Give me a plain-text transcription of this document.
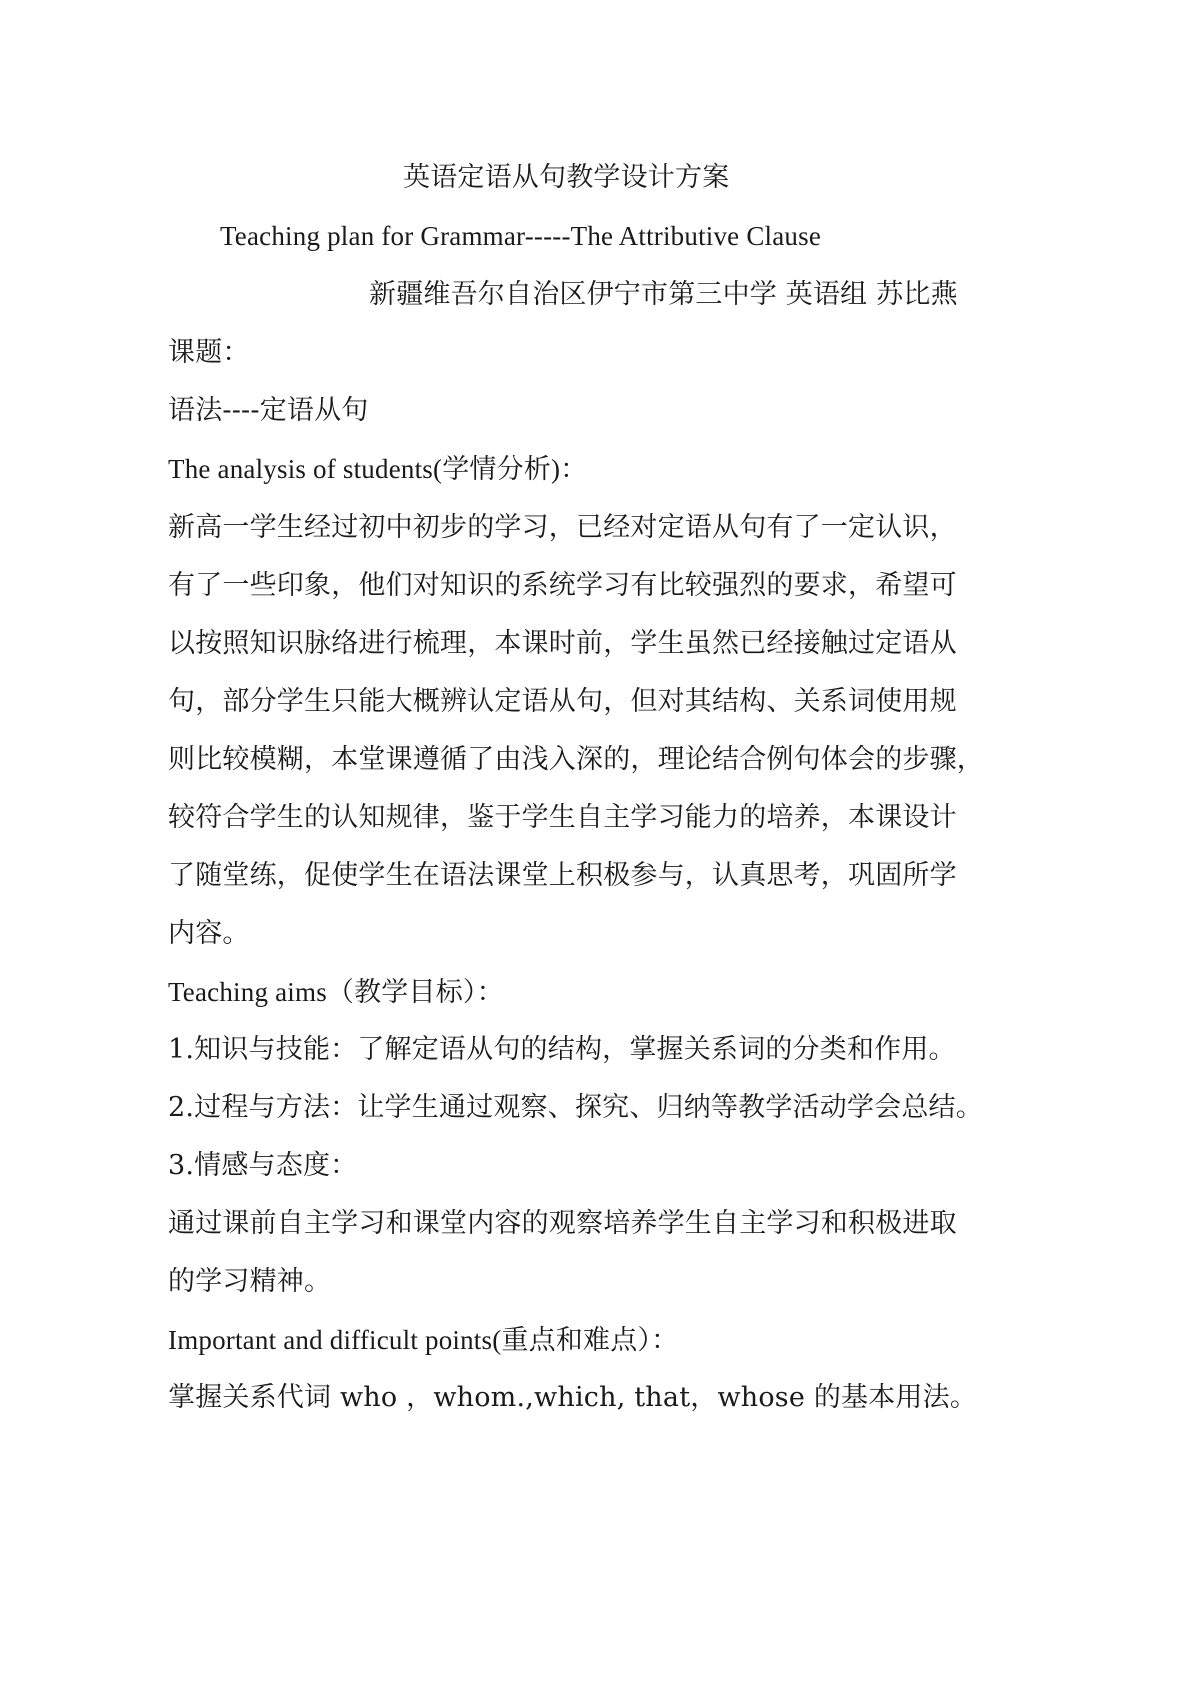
英语定语从句教学设计方案
Teaching plan for Grammar-----The Attributive Clause
新疆维吾尔自治区伊宁市第三中学 英语组 苏比燕
课题：
语法----定语从句
The analysis of students(学情分析)：
新高一学生经过初中初步的学习，已经对定语从句有了一定认识，
有了一些印象，他们对知识的系统学习有比较强烈的要求，希望可
以按照知识脉络进行梳理，本课时前，学生虽然已经接触过定语从
句，部分学生只能大概辨认定语从句，但对其结构、关系词使用规
则比较模糊，本堂课遵循了由浅入深的，理论结合例句体会的步骤，
较符合学生的认知规律，鉴于学生自主学习能力的培养，本课设计
了随堂练，促使学生在语法课堂上积极参与，认真思考，巩固所学
内容。
Teaching aims（教学目标）：
1.知识与技能：了解定语从句的结构，掌握关系词的分类和作用。
2.过程与方法：让学生通过观察、探究、归纳等教学活动学会总结。
3.情感与态度：
通过课前自主学习和课堂内容的观察培养学生自主学习和积极进取
的学习精神。
Important and difficult points(重点和难点）：
掌握关系代词 who ，whom.,which, that，whose 的基本用法。
